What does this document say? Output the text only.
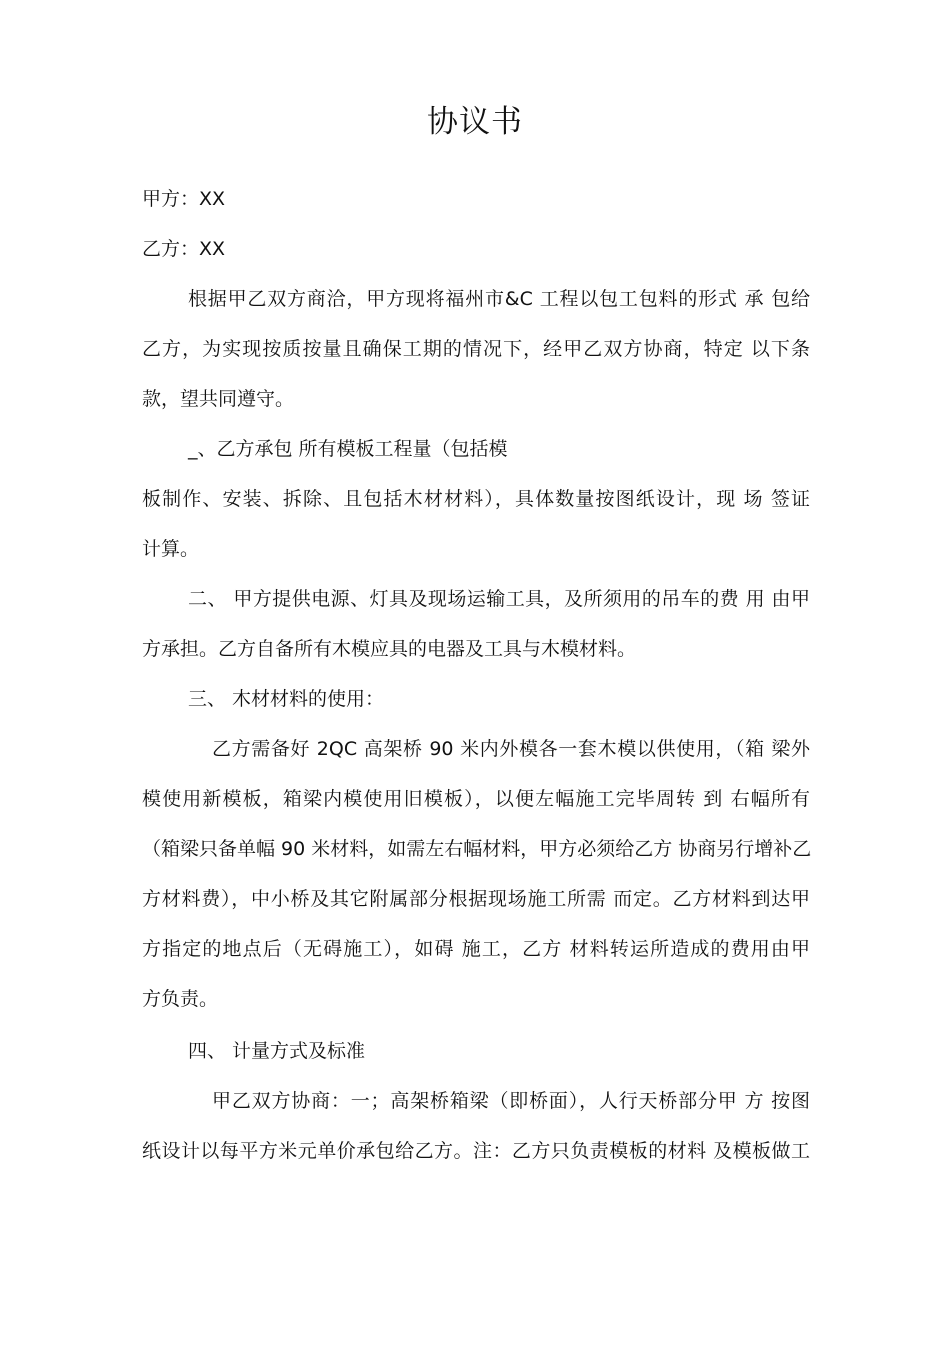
协议书
甲方：XX
乙方：XX
根据甲乙双方商洽，甲方现将福州市&C 工程以包工包料的形式 承 包给
乙方，为实现按质按量且确保工期的情况下，经甲乙双方协商，特定 以下条
款，望共同遵守。
_、乙方承包 所有模板工程量（包括模
板制作、安装、拆除、且包括木材材料），具体数量按图纸设计，现 场 签证
计算。
二、 甲方提供电源、灯具及现场运输工具，及所须用的吊车的费 用 由甲
方承担。乙方自备所有木模应具的电器及工具与木模材料。
三、 木材材料的使用：
乙方需备好 2QC 高架桥 90 米内外模各一套木模以供使用，（箱 梁外
模使用新模板，箱梁内模使用旧模板），以便左幅施工完毕周转 到 右幅所有
（箱梁只备单幅 90 米材料，如需左右幅材料，甲方必须给乙方 协商另行增补乙
方材料费），中小桥及其它附属部分根据现场施工所需 而定。乙方材料到达甲
方指定的地点后（无碍施工），如碍 施工，乙方 材料转运所造成的费用由甲
方负责。
四、 计量方式及标准
甲乙双方协商：一；高架桥箱梁（即桥面），人行天桥部分甲 方 按图
纸设计以每平方米元单价承包给乙方。注：乙方只负责模板的材料 及模板做工
